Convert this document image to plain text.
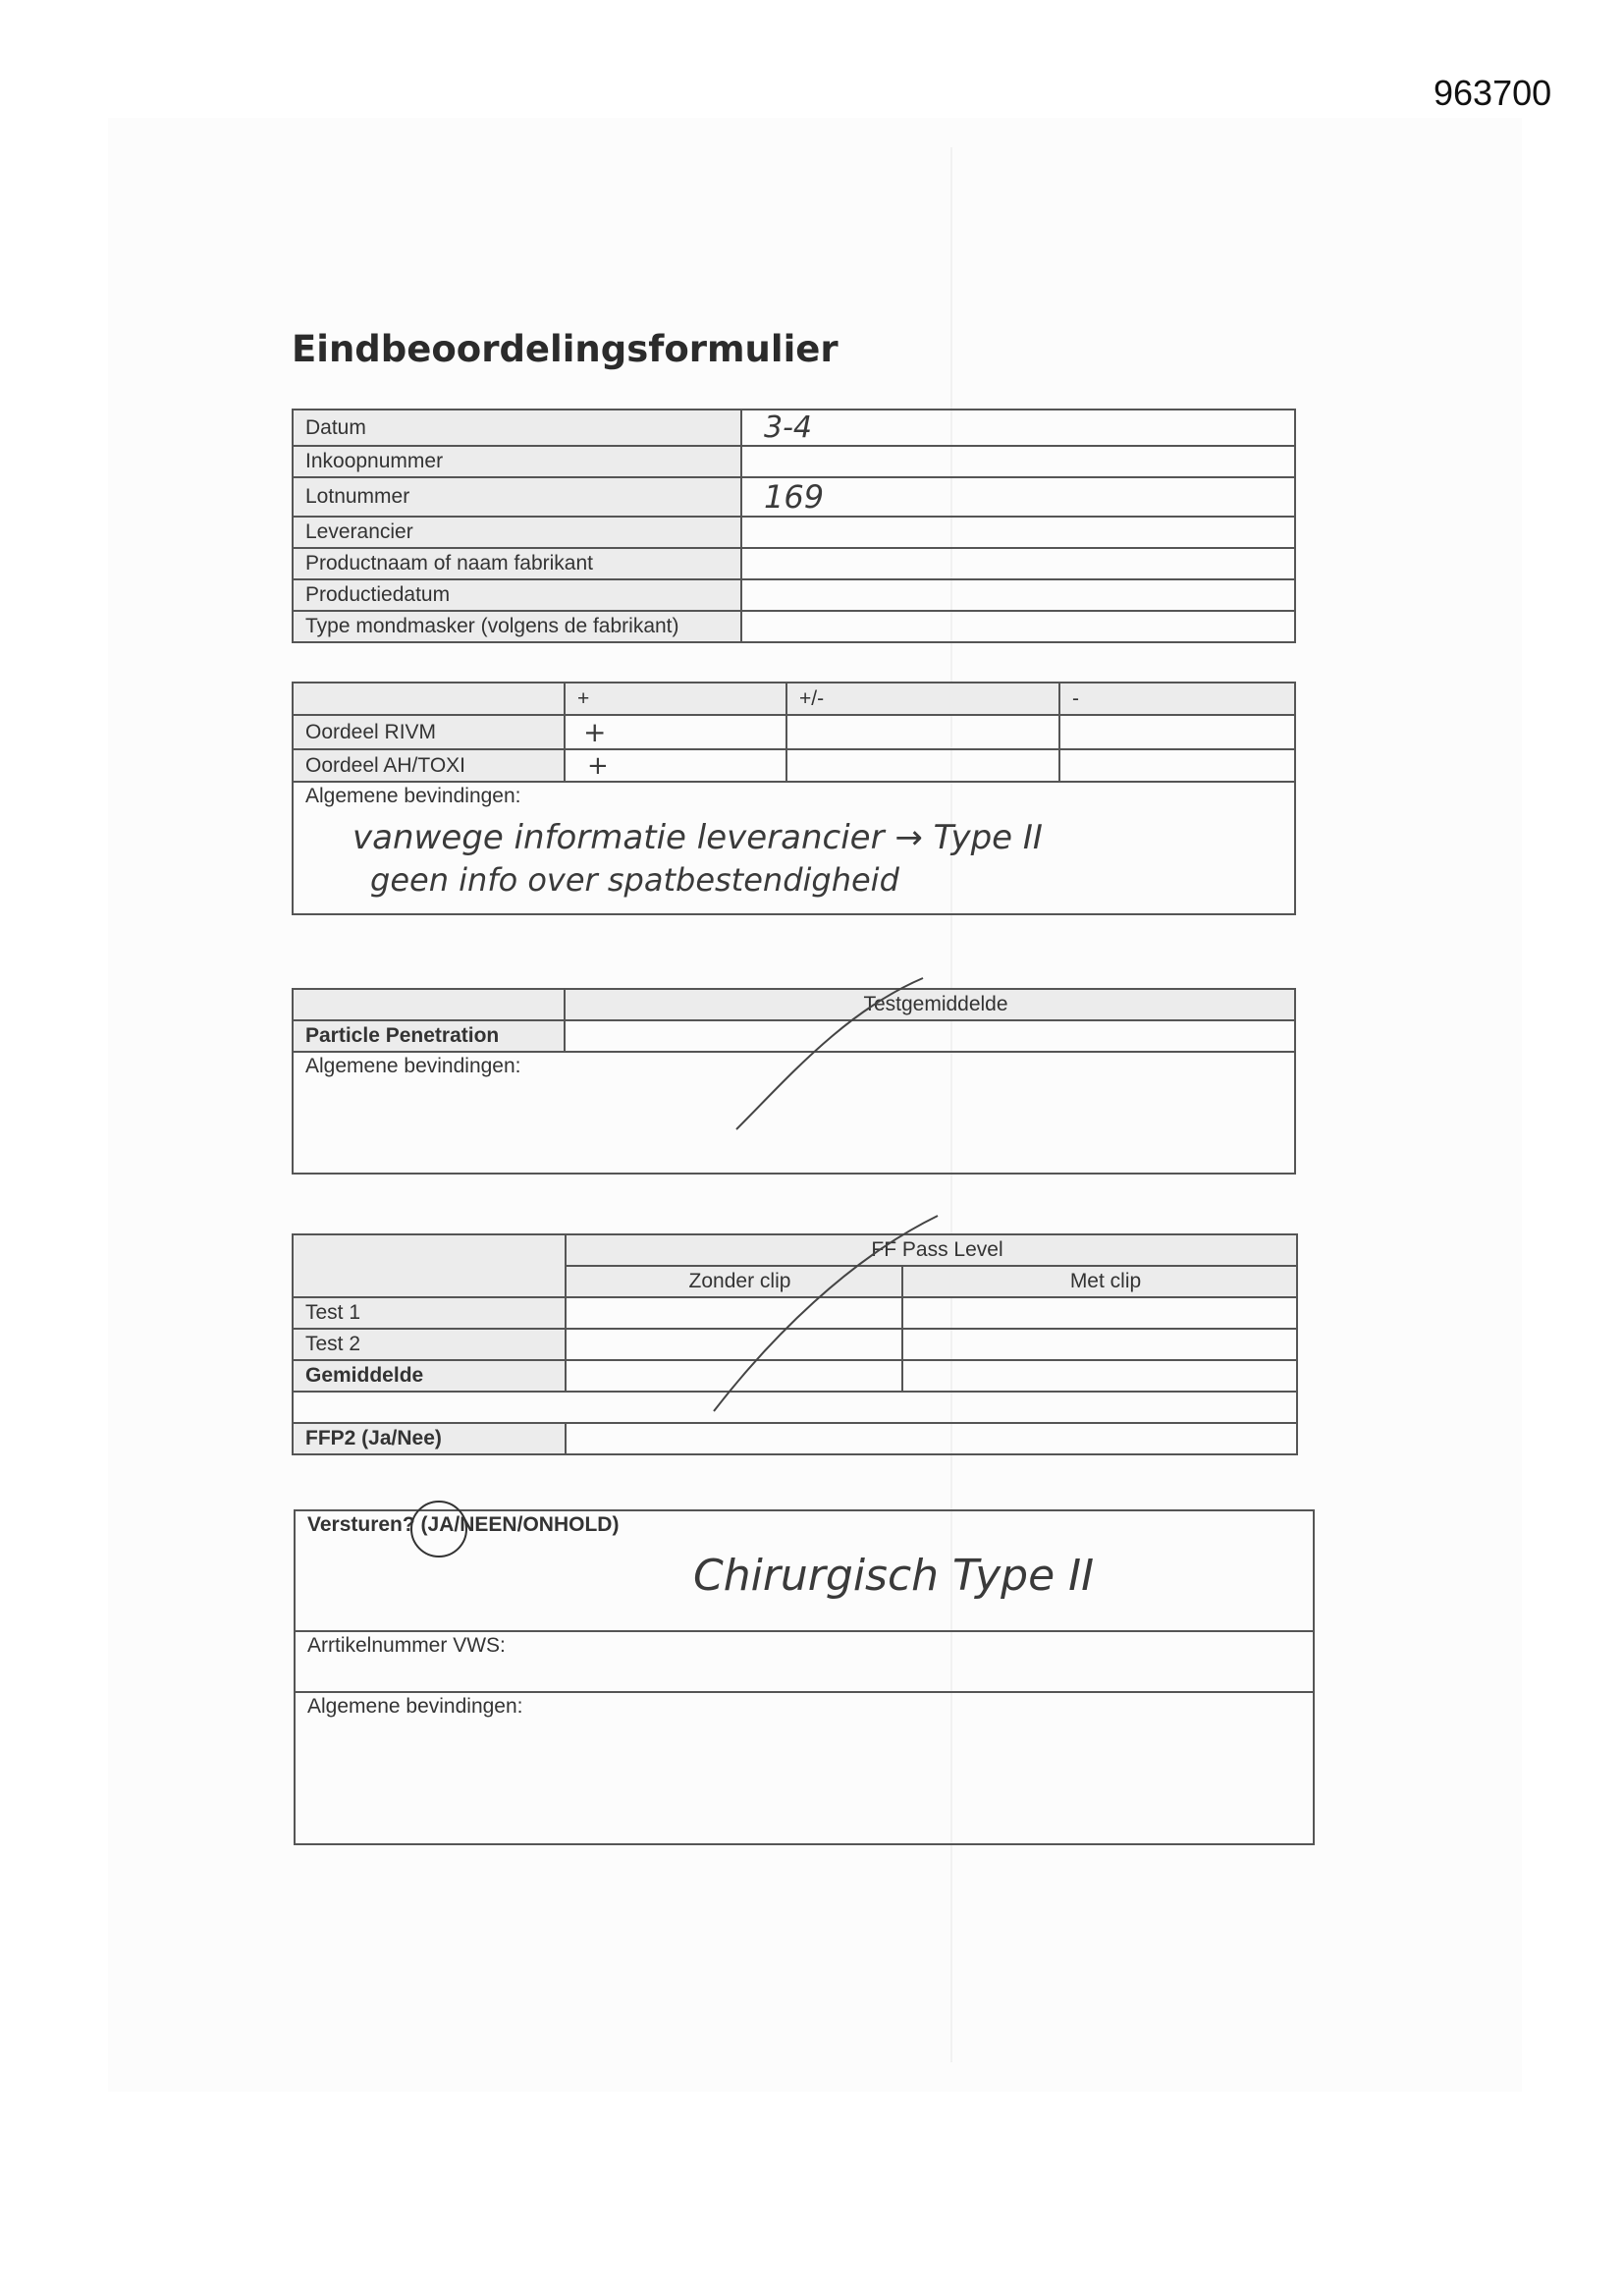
963700
Eindbeoordelingsformulier
Datum	3-4
Inkoopnummer	
Lotnummer	169
Leverancier	
Productnaam of naam fabrikant	
Productiedatum	
Type mondmasker (volgens de fabrikant)	
	+	+/-	-
Oordeel RIVM	+		
Oordeel AH/TOXI	+		

Algemene bevindingen:
vanwege informatie leverancier → Type II
geen info over spatbestendigheid			
	Testgemiddelde
Particle Penetration	
Algemene bevindingen:	
	FF Pass Level	
	Zonder clip	Met clip
Test 1		
Test 2		
Gemiddelde		

FFP2 (Ja/Nee)		
Versturen? (JA/NEEN/ONHOLD)
Chirurgisch Type II

Arrtikelnummer VWS:
Algemene bevindingen:
